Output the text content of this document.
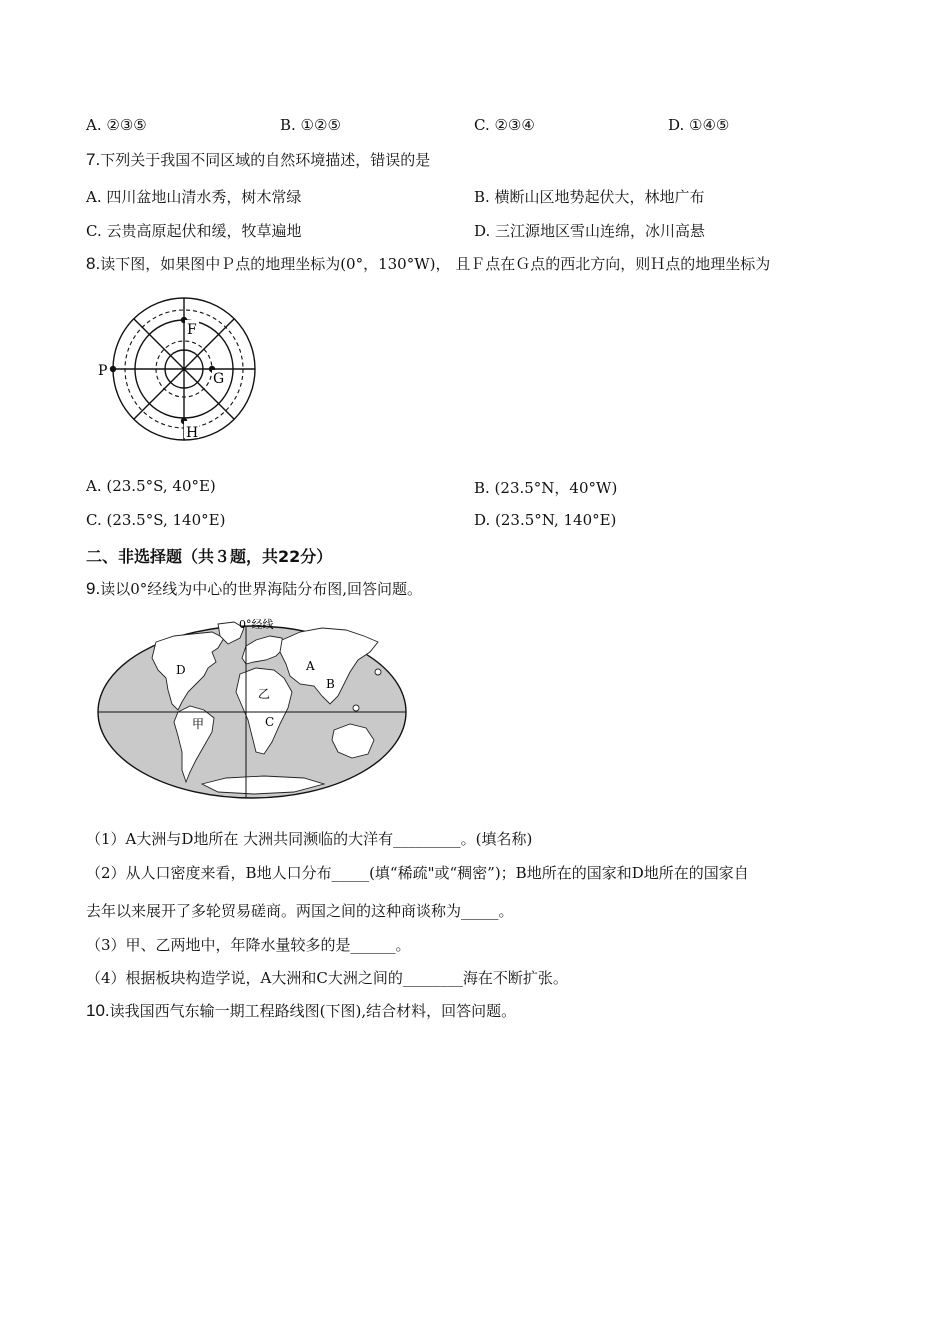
A. ②③⑤	B. ①②⑤	C. ②③④	D. ①④⑤
7.下列关于我国不同区域的自然环境描述，错误的是
A. 四川盆地山清水秀，树木常绿	B. 横断山区地势起伏大，林地广布
C. 云贵高原起伏和缓，牧草遍地	D. 三江源地区雪山连绵，冰川高悬
8.读下图，如果图中Ｐ点的地理坐标为(0°，130°W)， 且Ｆ点在Ｇ点的西北方向，则Ｈ点的地理坐标为
P
F
G
H
A. (23.5°S, 40°E)	B. (23.5°N，40°W)
C. (23.5°S, 140°E)	D. (23.5°N, 140°E)
二、非选择题（共３题，共22分）
9.读以0°经线为中心的世界海陆分布图,回答问题。
0°经线
A
B
C
D
甲
乙
（1）A大洲与D地所在 大洲共同濒临的大洋有_________。(填名称)
（2）从人口密度来看，B地人口分布_____(填“稀疏"或“稠密”)；B地所在的国家和D地所在的国家自
去年以来展开了多轮贸易磋商。两国之间的这种商谈称为_____。
（3）甲、乙两地中，年降水量较多的是______。
（4）根据板块构造学说，A大洲和C大洲之间的________海在不断扩张。
10.读我国西气东输一期工程路线图(下图),结合材料，回答问题。
